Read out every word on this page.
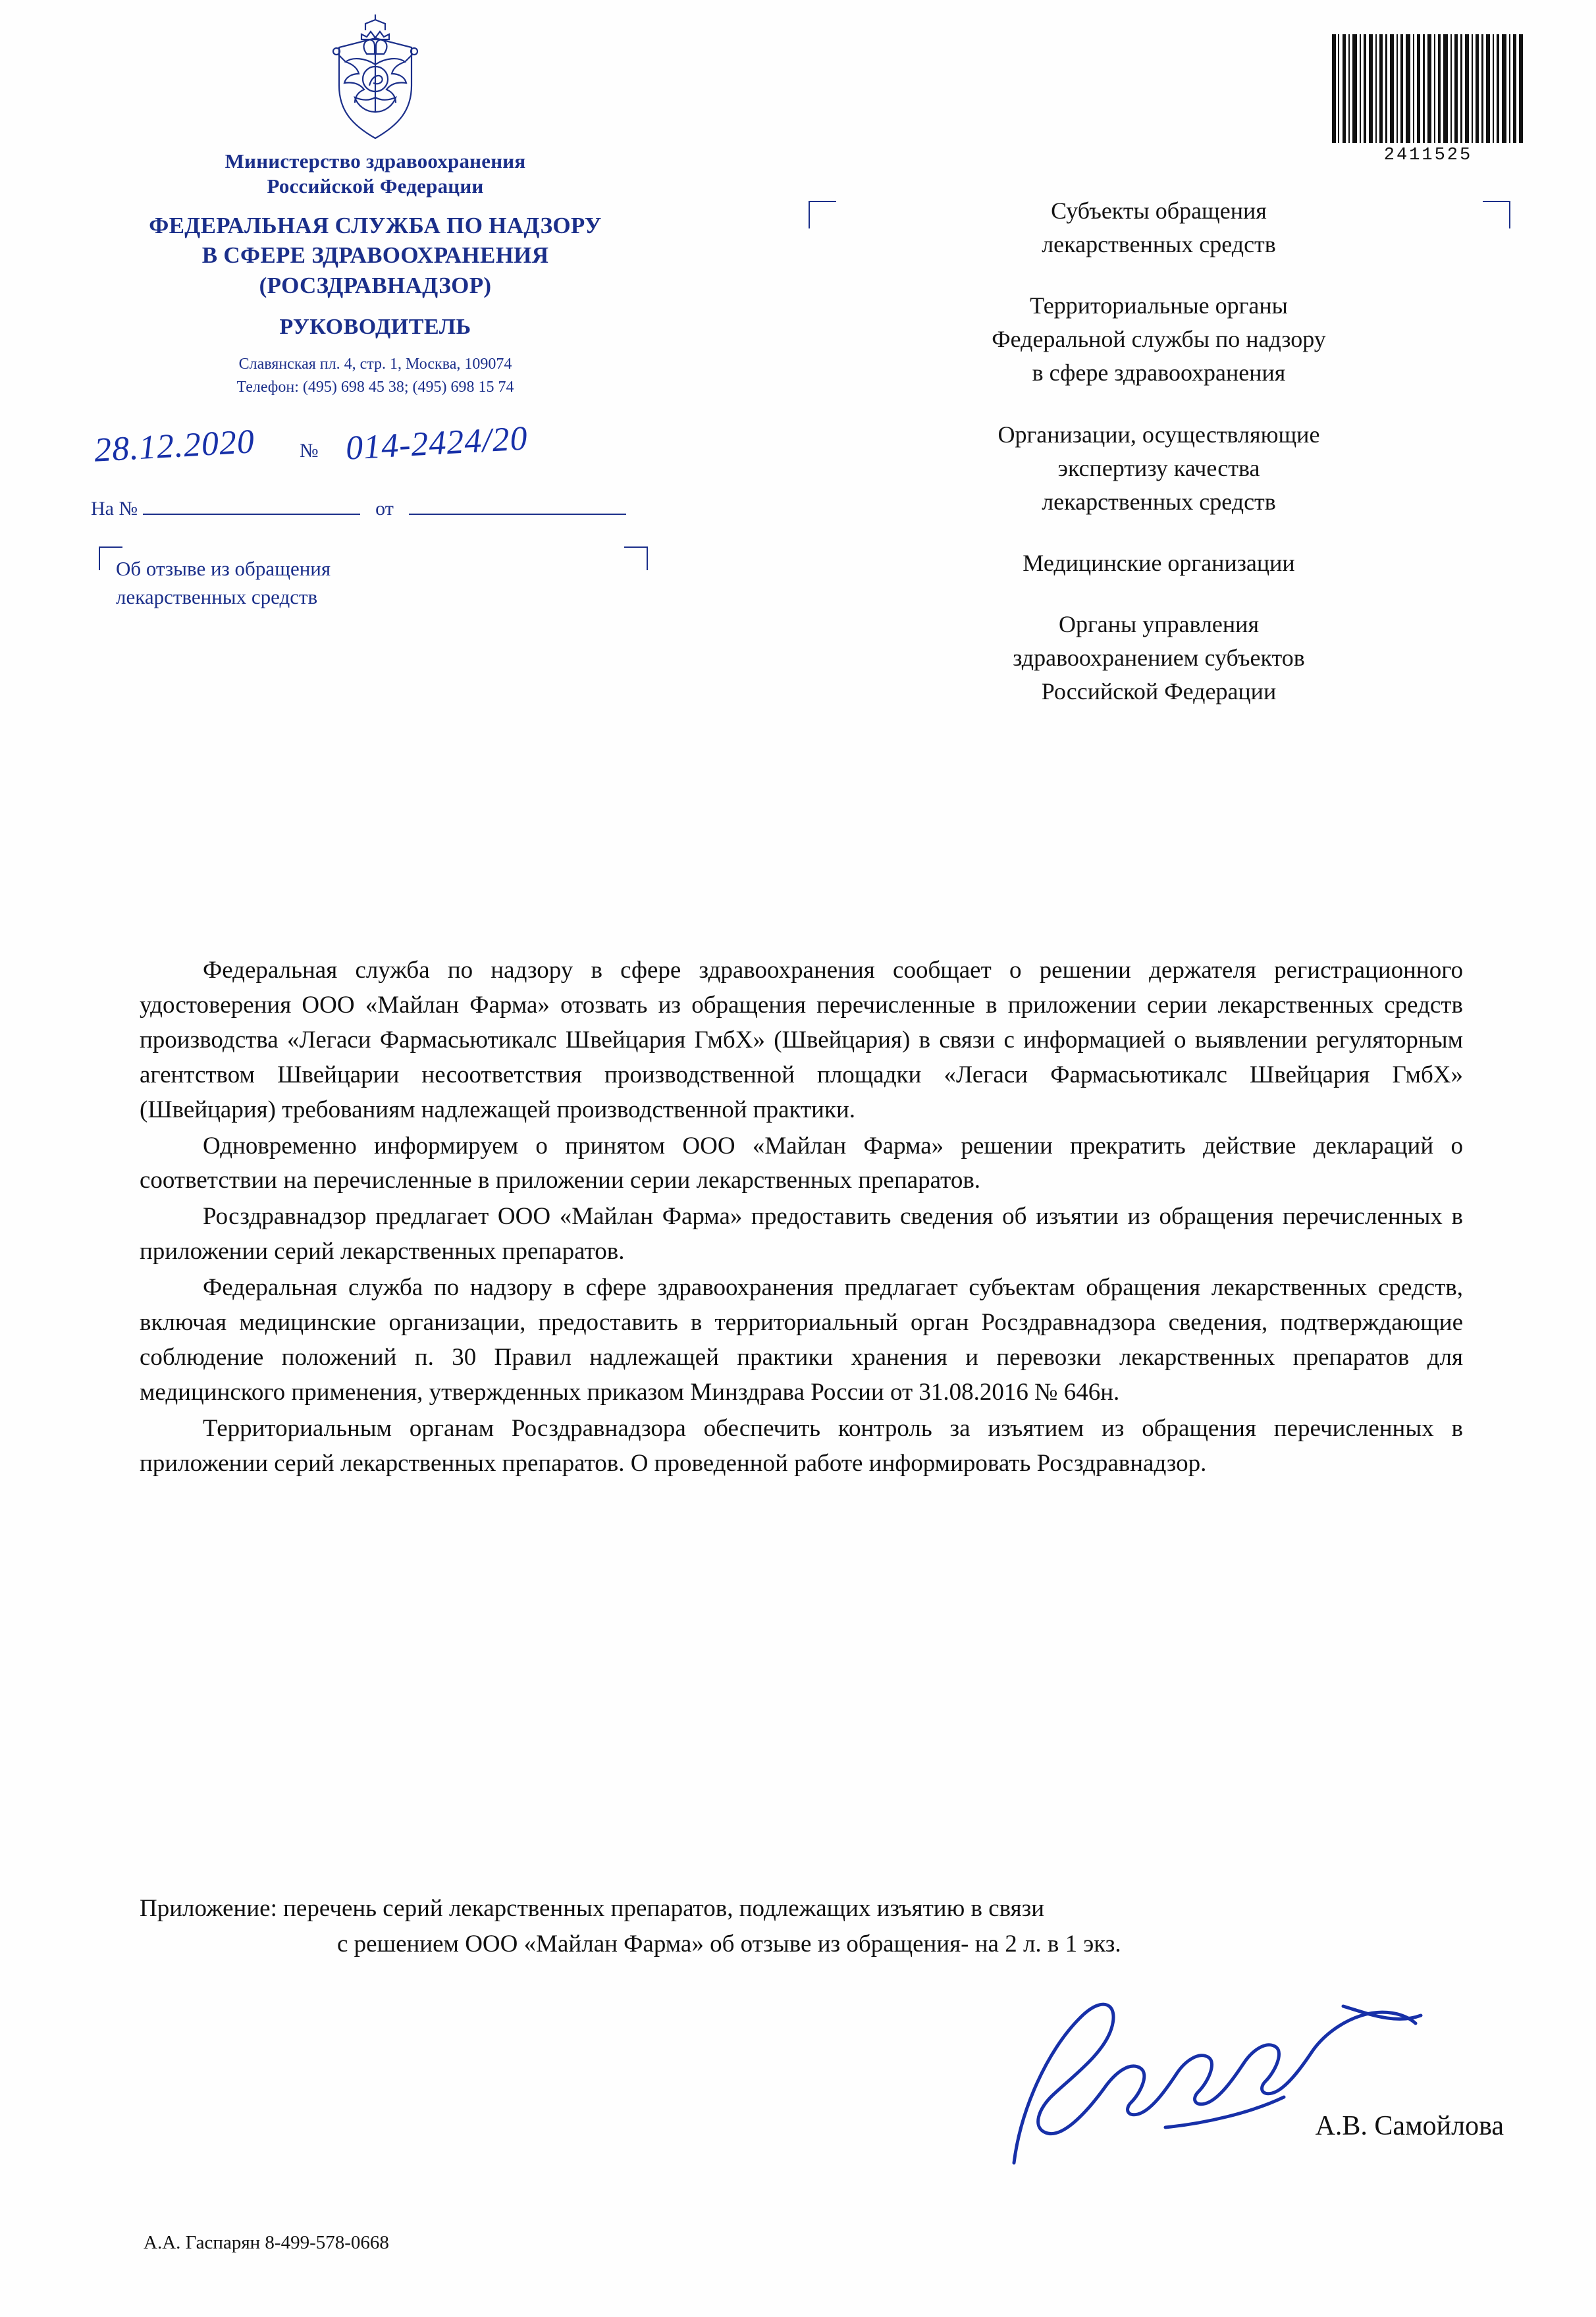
Министерство здравоохранения
Российской Федерации
ФЕДЕРАЛЬНАЯ СЛУЖБА ПО НАДЗОРУ
В СФЕРЕ ЗДРАВООХРАНЕНИЯ
(РОСЗДРАВНАДЗОР)
РУКОВОДИТЕЛЬ
Славянская пл. 4, стр. 1, Москва, 109074
Телефон: (495) 698 45 38; (495) 698 15 74
28.12.2020 № 014-2424/20
На №	от
Об отзыве из обращения
лекарственных средств
2411525
Субъекты обращения
лекарственных средств
Территориальные органы
Федеральной службы по надзору
в сфере здравоохранения
Организации, осуществляющие
экспертизу качества
лекарственных средств
Медицинские организации
Органы управления
здравоохранением субъектов
Российской Федерации

Федеральная служба по надзору в сфере здравоохранения сообщает о решении держателя регистрационного удостоверения ООО «Майлан Фарма» отозвать из обращения перечисленные в приложении серии лекарственных средств производства «Легаси Фармасьютикалс Швейцария ГмбХ» (Швейцария) в связи с информацией о выявлении регуляторным агентством Швейцарии несоответствия производственной площадки «Легаси Фармасьютикалс Швейцария ГмбХ» (Швейцария) требованиям надлежащей производственной практики.

Одновременно информируем о принятом ООО «Майлан Фарма» решении прекратить действие деклараций о соответствии на перечисленные в приложении серии лекарственных препаратов.

Росздравнадзор предлагает ООО «Майлан Фарма» предоставить сведения об изъятии из обращения перечисленных в приложении серий лекарственных препаратов.

Федеральная служба по надзору в сфере здравоохранения предлагает субъектам обращения лекарственных средств, включая медицинские организации, предоставить в территориальный орган Росздравнадзора сведения, подтверждающие соблюдение положений п. 30 Правил надлежащей практики хранения и перевозки лекарственных препаратов для медицинского применения, утвержденных приказом Минздрава России от 31.08.2016 № 646н.

Территориальным органам Росздравнадзора обеспечить контроль за изъятием из обращения перечисленных в приложении серий лекарственных препаратов. О проведенной работе информировать Росздравнадзор.

Приложение: перечень серий лекарственных препаратов, подлежащих изъятию в связи
с решением ООО «Майлан Фарма» об отзыве из обращения- на 2 л. в 1 экз.
А.В. Самойлова
А.А. Гаспарян 8-499-578-0668
